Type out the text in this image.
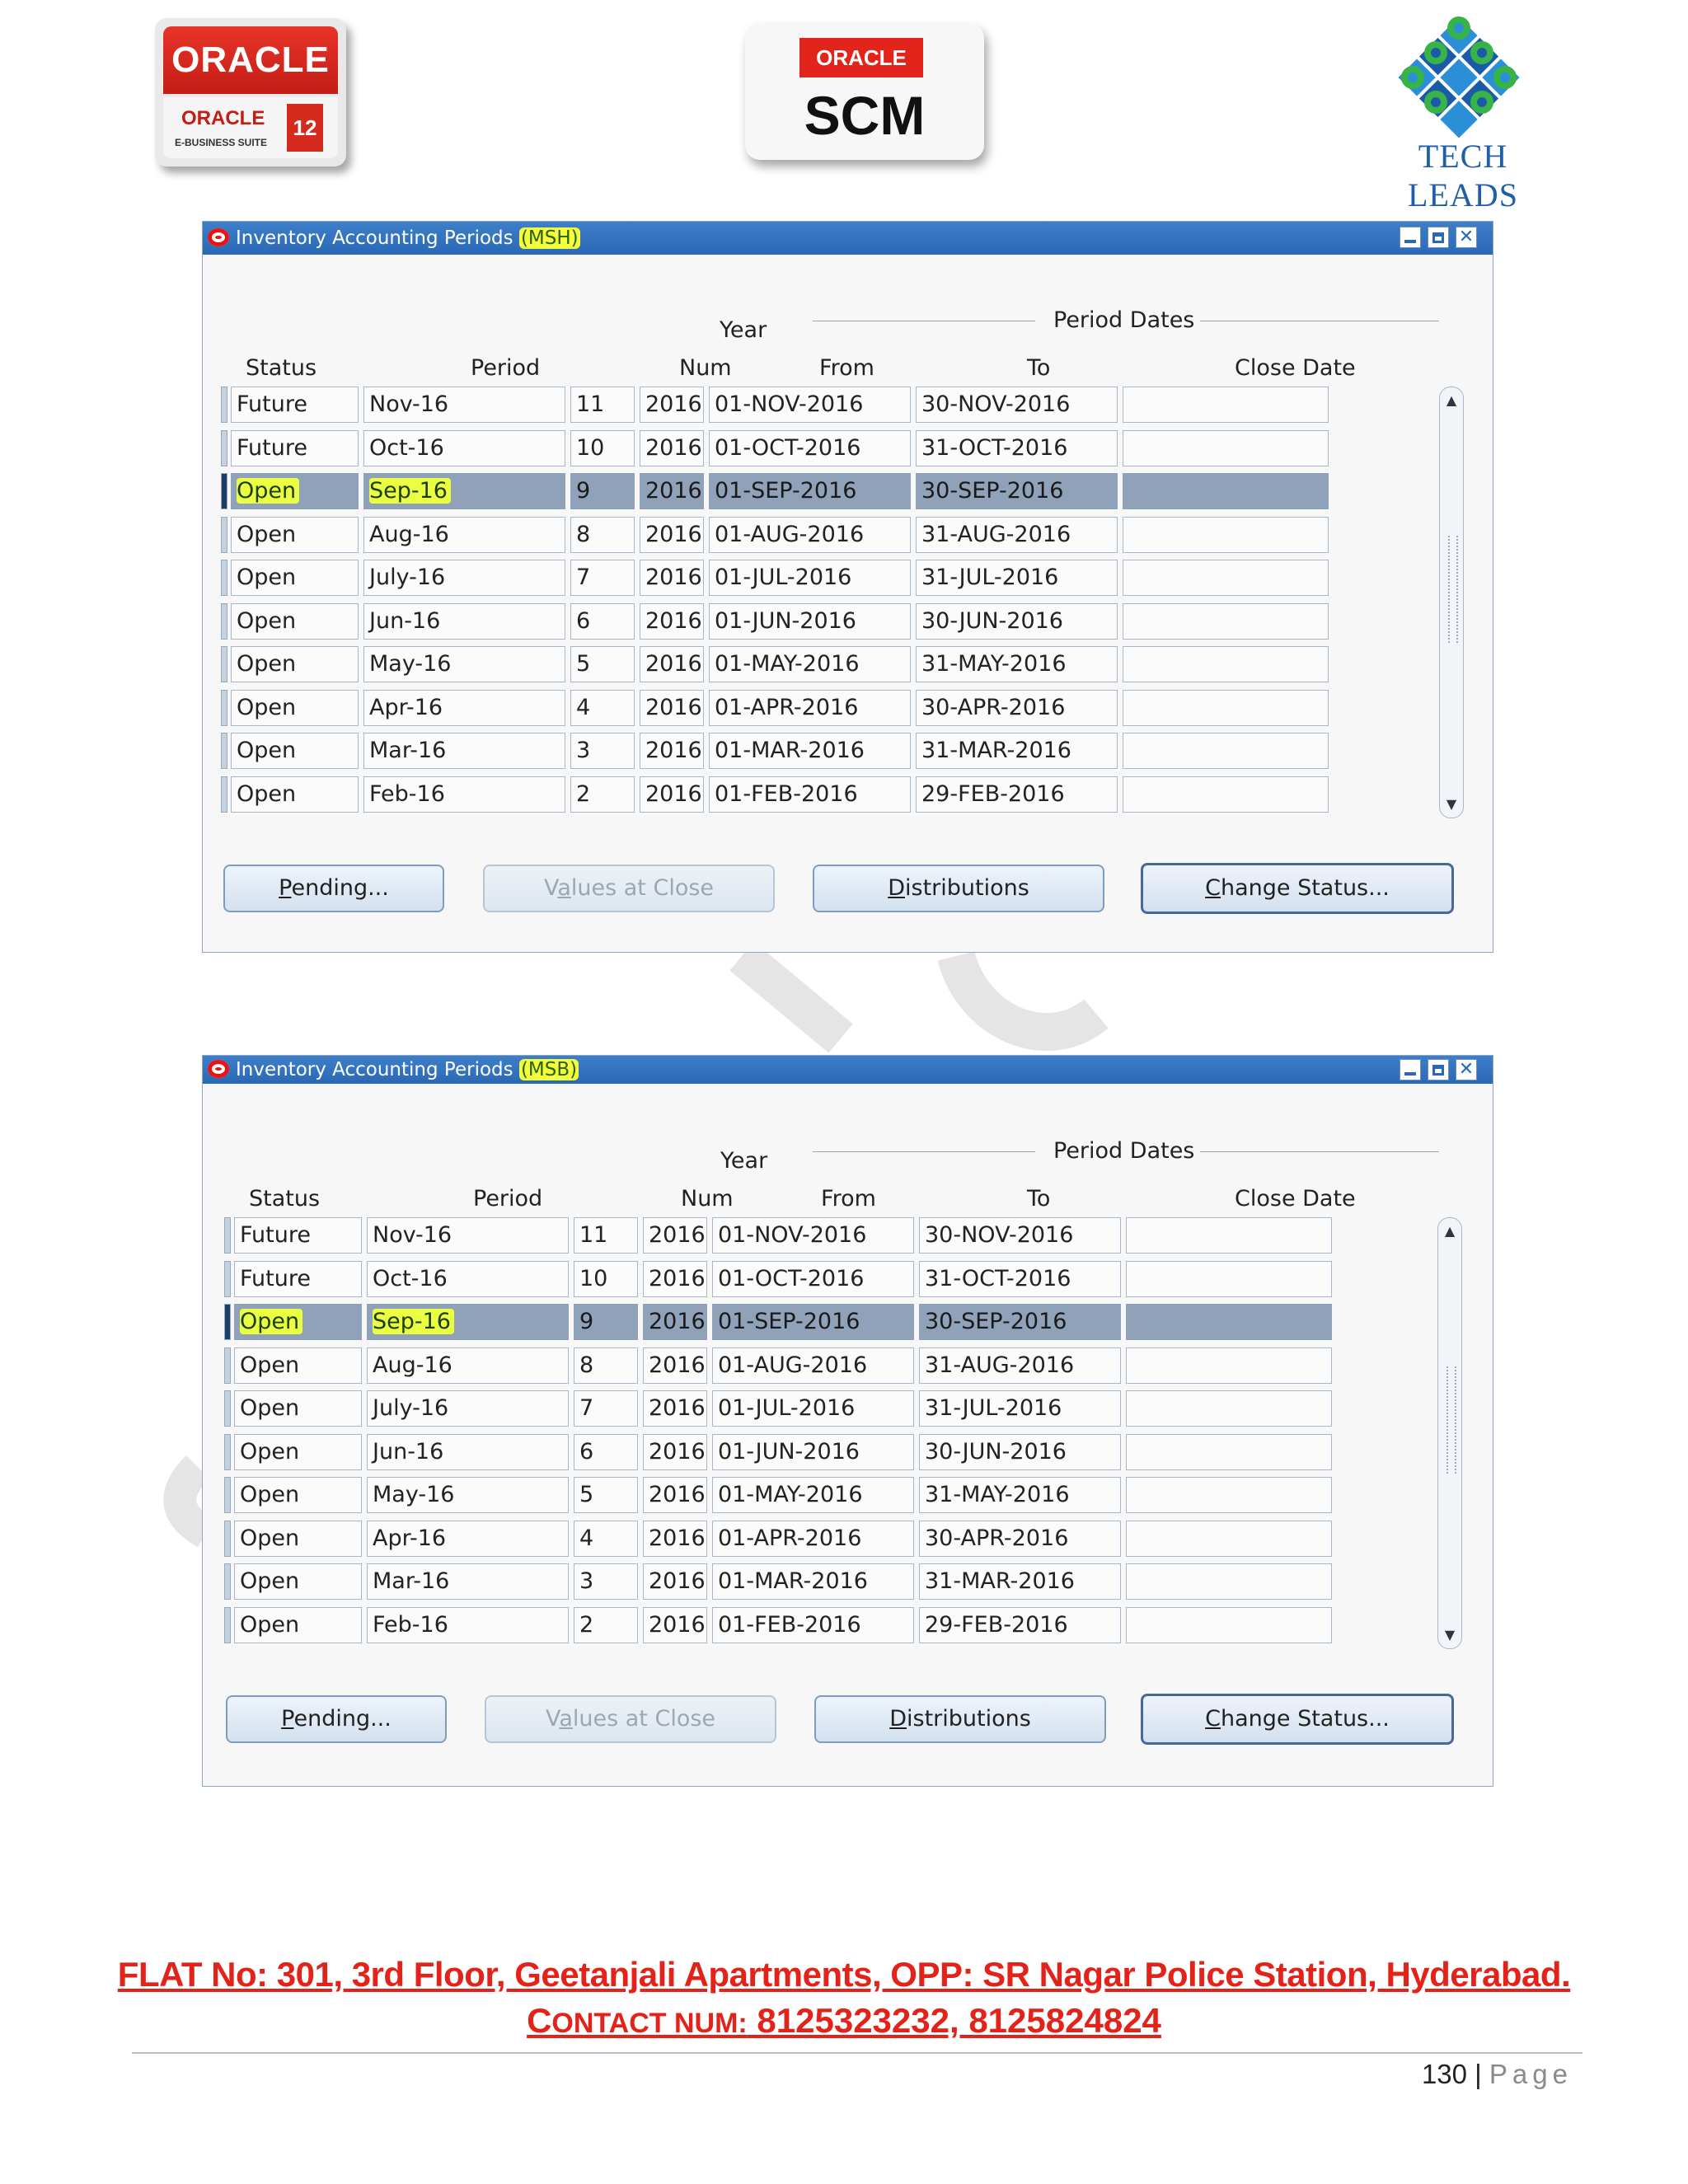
ORACLE
ORACLE
E-BUSINESS SUITE
12
ORACLE
SCM
TECH LEADS
Inventory Accounting Periods (MSH)	✕
Year	Period Dates
Status	Period	Num	From	To	Close Date
Future	Nov-16	11	2016 01-NOV-2016	30-NOV-2016
Future	Oct-16	10	2016 01-OCT-2016	31-OCT-2016
Open	Sep-16	9	2016 01-SEP-2016	30-SEP-2016
Open	Aug-16	8	2016 01-AUG-2016	31-AUG-2016
Open	July-16	7	2016 01-JUL-2016	31-JUL-2016
Open	Jun-16	6	2016 01-JUN-2016	30-JUN-2016
Open	May-16	5	2016 01-MAY-2016	31-MAY-2016
Open	Apr-16	4	2016 01-APR-2016	30-APR-2016
Open	Mar-16	3	2016 01-MAR-2016	31-MAR-2016
Open	Feb-16	2	2016 01-FEB-2016	29-FEB-2016
▲
▼
Pending...	Values at Close	Distributions	Change Status...
Inventory Accounting Periods (MSB)	✕
Year	Period Dates
Status	Period	Num	From	To	Close Date
Future	Nov-16	11	2016 01-NOV-2016	30-NOV-2016
Future	Oct-16	10	2016 01-OCT-2016	31-OCT-2016
Open	Sep-16	9	2016 01-SEP-2016	30-SEP-2016
Open	Aug-16	8	2016 01-AUG-2016	31-AUG-2016
Open	July-16	7	2016 01-JUL-2016	31-JUL-2016
Open	Jun-16	6	2016 01-JUN-2016	30-JUN-2016
Open	May-16	5	2016 01-MAY-2016	31-MAY-2016
Open	Apr-16	4	2016 01-APR-2016	30-APR-2016
Open	Mar-16	3	2016 01-MAR-2016	31-MAR-2016
Open	Feb-16	2	2016 01-FEB-2016	29-FEB-2016
▲
▼
Pending...	Values at Close	Distributions	Change Status...
FLAT No: 301, 3rd Floor, Geetanjali Apartments, OPP: SR Nagar Police Station, Hyderabad.
CONTACT NUM: 8125323232, 8125824824
130 | Page
